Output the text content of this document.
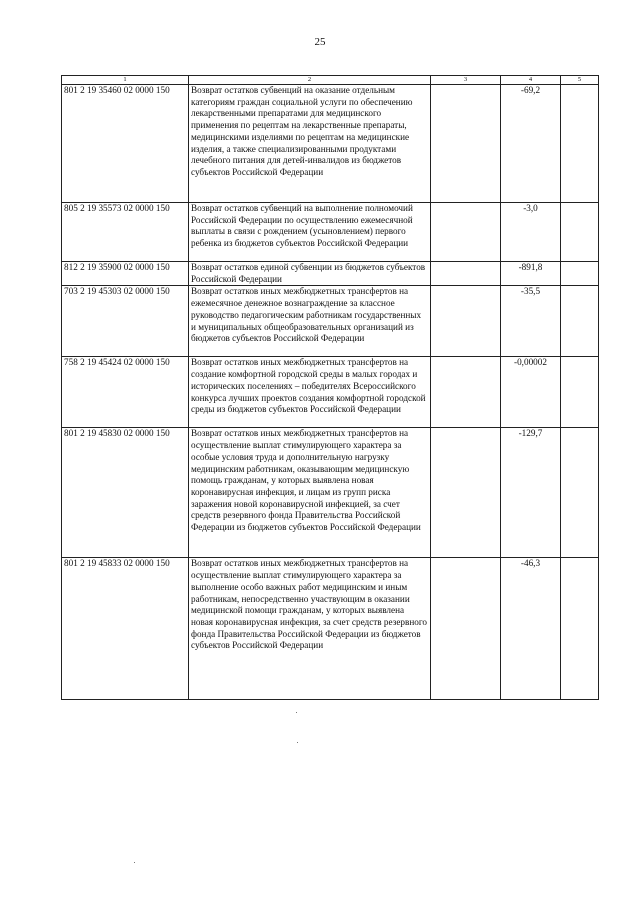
25
1	2	3	4	5
801 2 19 35460 02 0000 150	Возврат остатков субвенций на оказание отдельным категориям граждан социальной услуги по обеспечению лекарственными препаратами для медицинского применения по рецептам на лекарственные препараты, медицинскими изделиями по рецептам на медицинские изделия, а также специализированными продуктами лечебного питания для детей-инвалидов из бюджетов субъектов Российской Федерации		-69,2	
805 2 19 35573 02 0000 150	Возврат остатков субвенций на выполнение полномочий Российской Федерации по осуществлению ежемесячной выплаты в связи с рождением (усыновлением) первого ребенка из бюджетов субъектов Российской Федерации		-3,0	
812 2 19 35900 02 0000 150	Возврат остатков единой субвенции из бюджетов субъектов Российской Федерации		-891,8	
703 2 19 45303 02 0000 150	Возврат остатков иных межбюджетных трансфертов на ежемесячное денежное вознаграждение за классное руководство педагогическим работникам государственных и муниципальных общеобразовательных организаций из бюджетов субъектов Российской Федерации		-35,5	
758 2 19 45424 02 0000 150	Возврат остатков иных межбюджетных трансфертов на создание комфортной городской среды в малых городах и исторических поселениях – победителях Всероссийского конкурса лучших проектов создания комфортной городской среды из бюджетов субъектов Российской Федерации		-0,00002	
801 2 19 45830 02 0000 150	Возврат остатков иных межбюджетных трансфертов на осуществление выплат стимулирующего характера за особые условия труда и дополнительную нагрузку медицинским работникам, оказывающим медицинскую помощь гражданам, у которых выявлена новая коронавирусная инфекция, и лицам из групп риска заражения новой коронавирусной инфекцией, за счет средств резервного фонда Правительства Российской Федерации из бюджетов субъектов Российской Федерации		-129,7	
801 2 19 45833 02 0000 150	Возврат остатков иных межбюджетных трансфертов на осуществление выплат стимулирующего характера за выполнение особо важных работ медицинским и иным работникам, непосредственно участвующим в оказании медицинской помощи гражданам, у которых выявлена новая коронавирусная инфекция, за счет средств резервного фонда Правительства Российской Федерации из бюджетов субъектов Российской Федерации		-46,3	
